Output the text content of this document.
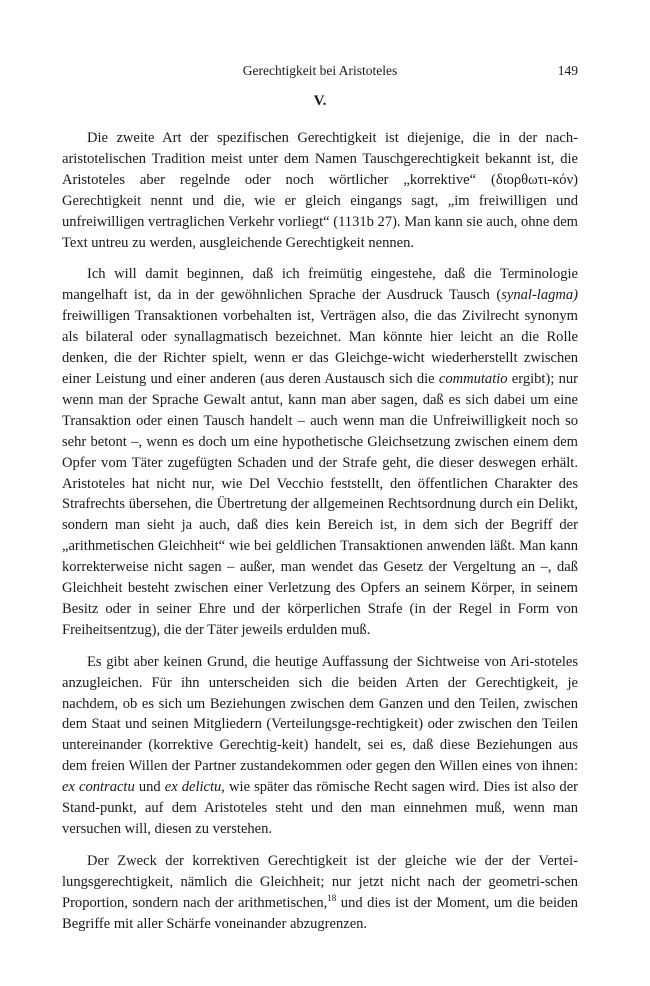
Gerechtigkeit bei Aristoteles	149
V.

Die zweite Art der spezifischen Gerechtigkeit ist diejenige, die in der nach-aristotelischen Tradition meist unter dem Namen Tauschgerechtigkeit bekannt ist, die Aristoteles aber regelnde oder noch wörtlicher „korrektive“ (διορθωτι-κόν) Gerechtigkeit nennt und die, wie er gleich eingangs sagt, „im freiwilligen und unfreiwilligen vertraglichen Verkehr vorliegt“ (1131b 27). Man kann sie auch, ohne dem Text untreu zu werden, ausgleichende Gerechtigkeit nennen.

Ich will damit beginnen, daß ich freimütig eingestehe, daß die Terminologie mangelhaft ist, da in der gewöhnlichen Sprache der Ausdruck Tausch (synal-lagma) freiwilligen Transaktionen vorbehalten ist, Verträgen also, die das Zivilrecht synonym als bilateral oder synallagmatisch bezeichnet. Man könnte hier leicht an die Rolle denken, die der Richter spielt, wenn er das Gleichge-wicht wiederherstellt zwischen einer Leistung und einer anderen (aus deren Austausch sich die commutatio ergibt); nur wenn man der Sprache Gewalt antut, kann man aber sagen, daß es sich dabei um eine Transaktion oder einen Tausch handelt – auch wenn man die Unfreiwilligkeit noch so sehr betont –, wenn es doch um eine hypothetische Gleichsetzung zwischen einem dem Opfer vom Täter zugefügten Schaden und der Strafe geht, die dieser deswegen erhält. Aristoteles hat nicht nur, wie Del Vecchio feststellt, den öffentlichen Charakter des Strafrechts übersehen, die Übertretung der allgemeinen Rechtsordnung durch ein Delikt, sondern man sieht ja auch, daß dies kein Bereich ist, in dem sich der Begriff der „arithmetischen Gleichheit“ wie bei geldlichen Transaktionen anwenden läßt. Man kann korrekterweise nicht sagen – außer, man wendet das Gesetz der Vergeltung an –, daß Gleichheit besteht zwischen einer Verletzung des Opfers an seinem Körper, in seinem Besitz oder in seiner Ehre und der körperlichen Strafe (in der Regel in Form von Freiheitsentzug), die der Täter jeweils erdulden muß.

Es gibt aber keinen Grund, die heutige Auffassung der Sichtweise von Ari-stoteles anzugleichen. Für ihn unterscheiden sich die beiden Arten der Gerechtigkeit, je nachdem, ob es sich um Beziehungen zwischen dem Ganzen und den Teilen, zwischen dem Staat und seinen Mitgliedern (Verteilungsge-rechtigkeit) oder zwischen den Teilen untereinander (korrektive Gerechtig-keit) handelt, sei es, daß diese Beziehungen aus dem freien Willen der Partner zustandekommen oder gegen den Willen eines von ihnen: ex contractu und ex delictu, wie später das römische Recht sagen wird. Dies ist also der Stand-punkt, auf dem Aristoteles steht und den man einnehmen muß, wenn man versuchen will, diesen zu verstehen.

Der Zweck der korrektiven Gerechtigkeit ist der gleiche wie der der Vertei-lungsgerechtigkeit, nämlich die Gleichheit; nur jetzt nicht nach der geometri-schen Proportion, sondern nach der arithmetischen,$^{18}$ und dies ist der Moment, um die beiden Begriffe mit aller Schärfe voneinander abzugrenzen.
